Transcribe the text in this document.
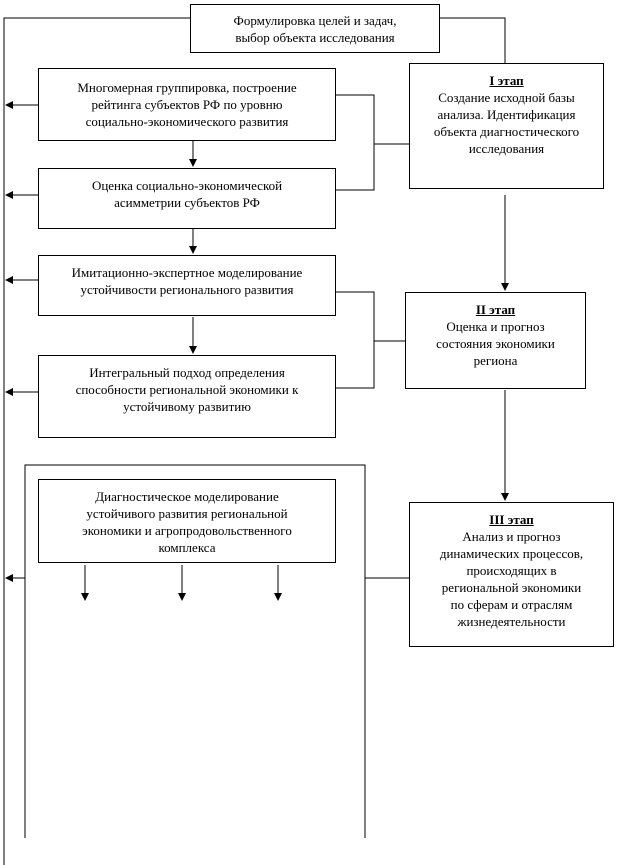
Формулировка целей и задач,
выбор объекта исследования
Многомерная группировка, построение
рейтинга субъектов РФ по уровню
социально-экономического развития
Оценка социально-экономической
асимметрии субъектов РФ
Имитационно-экспертное моделирование
устойчивости регионального развития
Интегральный подход определения
способности региональной экономики к
устойчивому развитию
Диагностическое моделирование
устойчивого развития региональной
экономики и агропродовольственного
комплекса
I этап
Создание исходной базы
анализа. Идентификация
объекта диагностического
исследования
II этап
Оценка и прогноз
состояния экономики
региона
III этап
Анализ и прогноз
динамических процессов,
происходящих в
региональной экономики
по сферам и отраслям
жизнедеятельности
